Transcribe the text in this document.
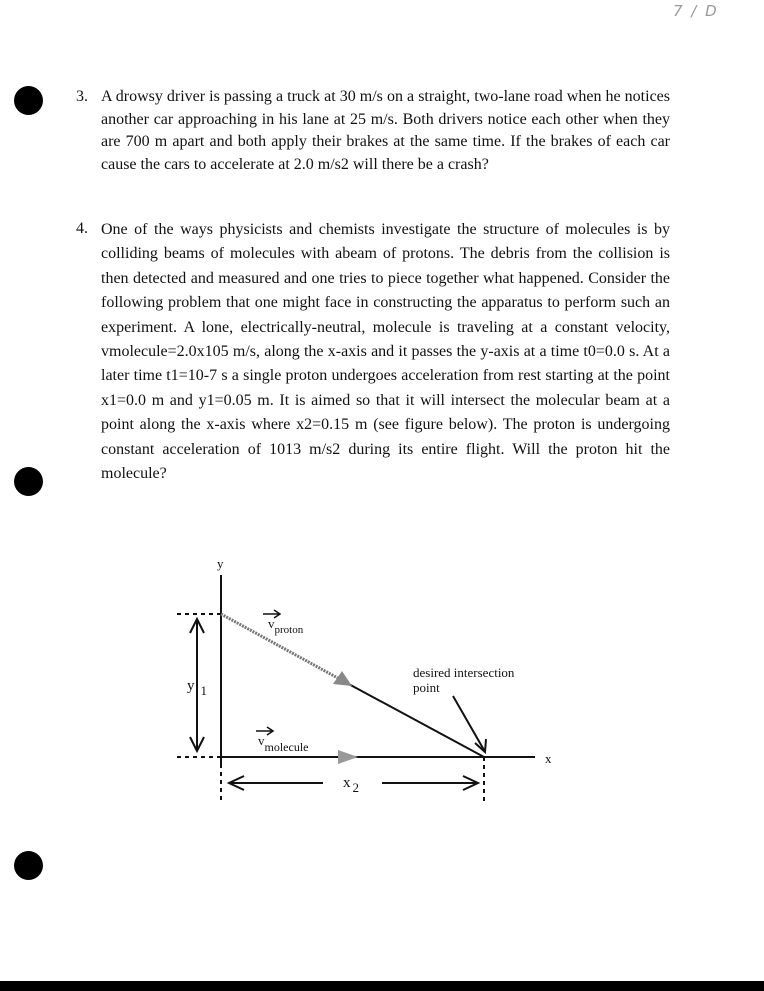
7 / D
3. A drowsy driver is passing a truck at 30 m/s on a straight, two-lane road when he notices another car approaching in his lane at 25 m/s. Both drivers notice each other when they are 700 m apart and both apply their brakes at the same time. If the brakes of each car cause the cars to accelerate at 2.0 m/s2 will there be a crash?
4. One of the ways physicists and chemists investigate the structure of molecules is by colliding beams of molecules with abeam of protons. The debris from the collision is then detected and measured and one tries to piece together what happened. Consider the following problem that one might face in constructing the apparatus to perform such an experiment. A lone, electrically-neutral, molecule is traveling at a constant velocity, vmolecule=2.0x105 m/s, along the x-axis and it passes the y-axis at a time t0=0.0 s. At a later time t1=10-7 s a single proton undergoes acceleration from rest starting at the point x1=0.0 m and y1=0.05 m. It is aimed so that it will intersect the molecular beam at a point along the x-axis where x2=0.15 m (see figure below). The proton is undergoing constant acceleration of 1013 m/s2 during its entire flight. Will the proton hit the molecule?
y
x
$v_{proton}$
vmolecule
y 1
x 2
desired intersection
point
